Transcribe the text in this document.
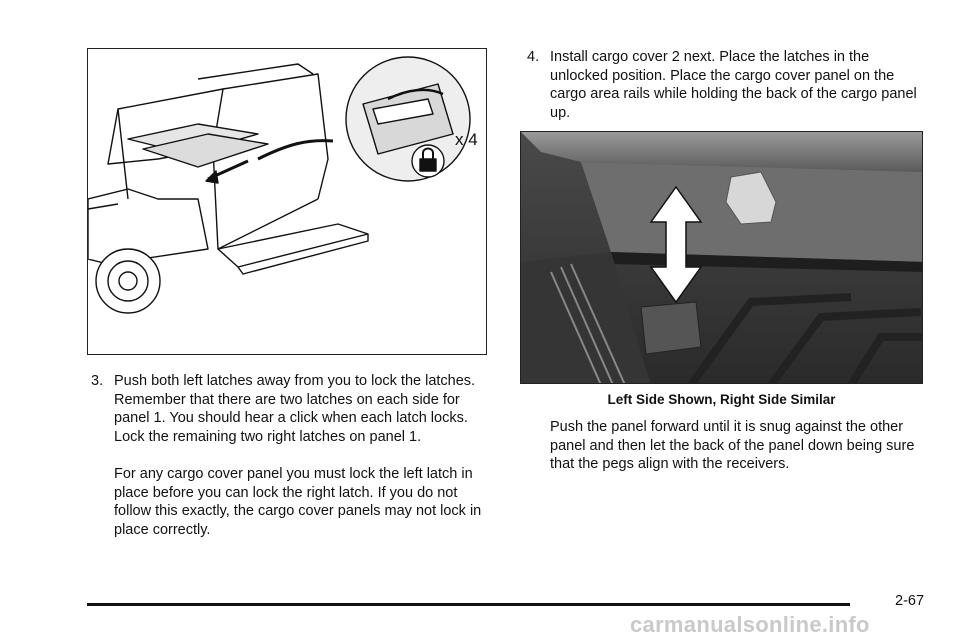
x 4
3. Push both left latches away from you to lock the latches. Remember that there are two latches on each side for panel 1. You should hear a click when each latch locks. Lock the remaining two right latches on panel 1.
For any cargo cover panel you must lock the left latch in place before you can lock the right latch. If you do not follow this exactly, the cargo cover panels may not lock in place correctly.
4. Install cargo cover 2 next. Place the latches in the unlocked position. Place the cargo cover panel on the cargo area rails while holding the back of the cargo panel up.
Left Side Shown, Right Side Similar
Push the panel forward until it is snug against the other panel and then let the back of the panel down being sure that the pegs align with the receivers.
2-67
carmanualsonline.info
